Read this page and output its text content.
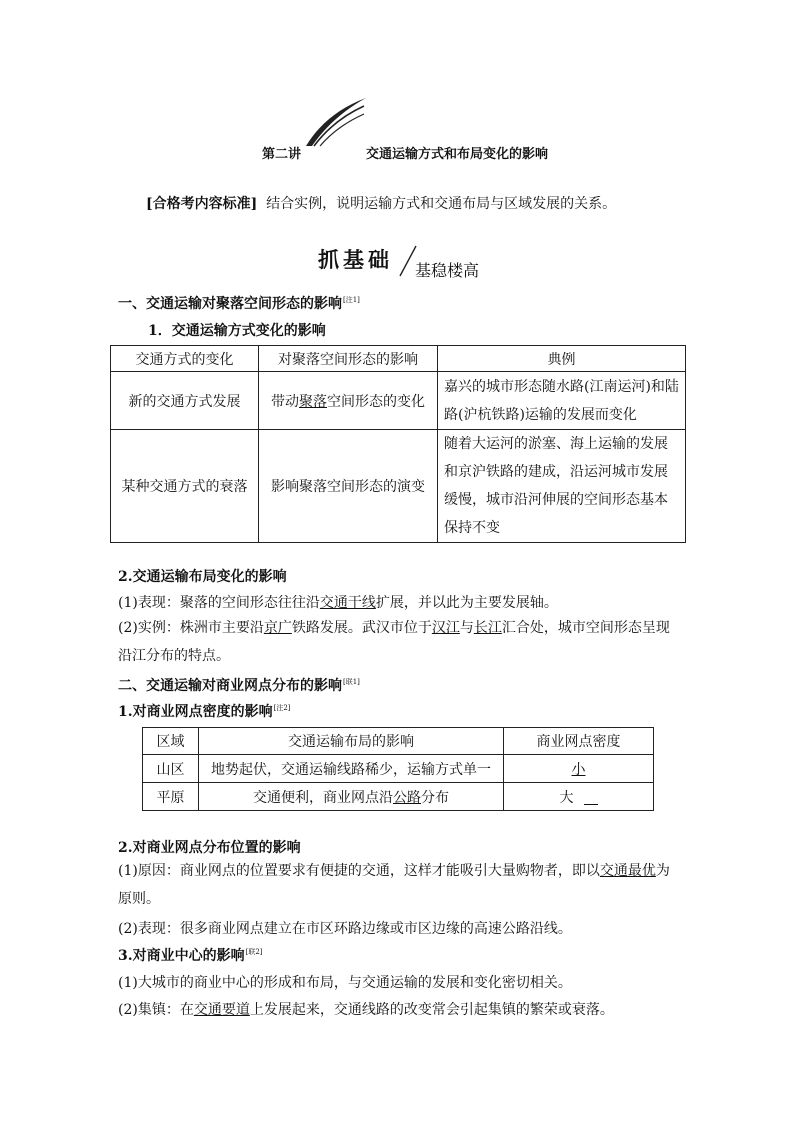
第二讲	交通运输方式和布局变化的影响
[合格考内容标准] 结合实例，说明运输方式和交通布局与区域发展的关系。
抓基础 基稳楼高
一、交通运输对聚落空间形态的影响[注1]
1．交通运输方式变化的影响
交通方式的变化	对聚落空间形态的影响	典例
新的交通方式发展	带动聚落空间形态的变化	嘉兴的城市形态随水路(江南运河)和陆路(沪杭铁路)运输的发展而变化
某种交通方式的衰落	影响聚落空间形态的演变	随着大运河的淤塞、海上运输的发展和京沪铁路的建成，沿运河城市发展缓慢，城市沿河伸展的空间形态基本保持不变
2.交通运输布局变化的影响
(1)表现：聚落的空间形态往往沿交通干线扩展，并以此为主要发展轴。
(2)实例：株洲市主要沿京广铁路发展。武汉市位于汉江与长江汇合处，城市空间形态呈现沿江分布的特点。
二、交通运输对商业网点分布的影响[联1]
1.对商业网点密度的影响[注2]
区域	交通运输布局的影响	商业网点密度
山区	地势起伏，交通运输线路稀少，运输方式单一	小
平原	交通便利，商业网点沿公路分布	大
2.对商业网点分布位置的影响
(1)原因：商业网点的位置要求有便捷的交通，这样才能吸引大量购物者，即以交通最优为原则。
(2)表现：很多商业网点建立在市区环路边缘或市区边缘的高速公路沿线。
3.对商业中心的影响[联2]
(1)大城市的商业中心的形成和布局，与交通运输的发展和变化密切相关。
(2)集镇：在交通要道上发展起来，交通线路的改变常会引起集镇的繁荣或衰落。
